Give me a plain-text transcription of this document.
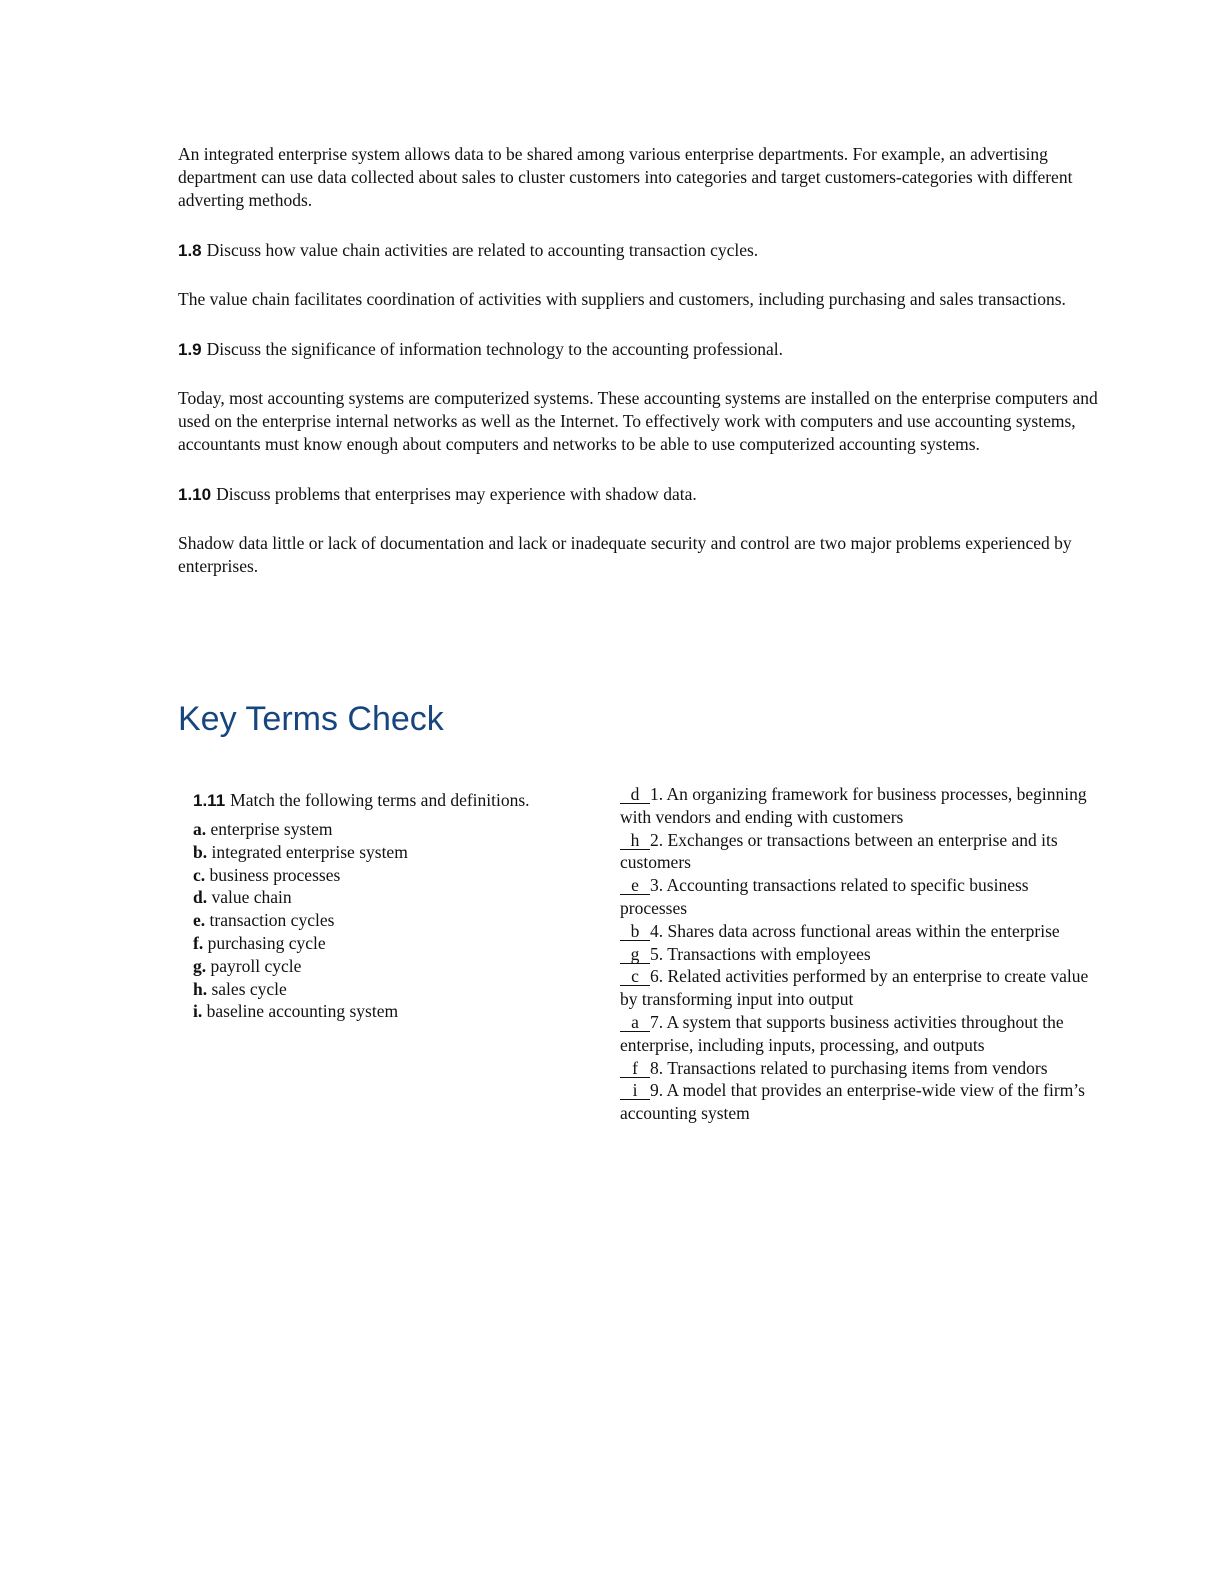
An integrated enterprise system allows data to be shared among various enterprise departments. For example, an advertising department can use data collected about sales to cluster customers into categories and target customers-categories with different adverting methods.

1.8 Discuss how value chain activities are related to accounting transaction cycles.

The value chain facilitates coordination of activities with suppliers and customers, including purchasing and sales transactions.

1.9 Discuss the significance of information technology to the accounting professional.

Today, most accounting systems are computerized systems. These accounting systems are installed on the enterprise computers and used on the enterprise internal networks as well as the Internet. To effectively work with computers and use accounting systems, accountants must know enough about computers and networks to be able to use computerized accounting systems.

1.10 Discuss problems that enterprises may experience with shadow data.

Shadow data little or lack of documentation and lack or inadequate security and control are two major problems experienced by enterprises.

Key Terms Check

1.11 Match the following terms and definitions.

a. enterprise system

b. integrated enterprise system

c. business processes

d. value chain

e. transaction cycles

f. purchasing cycle

g. payroll cycle

h. sales cycle

i. baseline accounting system

d 1. An organizing framework for business processes, beginning with vendors and ending with customers

h 2. Exchanges or transactions between an enterprise and its customers

e 3. Accounting transactions related to specific business processes

b 4. Shares data across functional areas within the enterprise

g 5. Transactions with employees

c 6. Related activities performed by an enterprise to create value by transforming input into output

a 7. A system that supports business activities throughout the enterprise, including inputs, processing, and outputs

f 8. Transactions related to purchasing items from vendors

i 9. A model that provides an enterprise-wide view of the firm’s accounting system
